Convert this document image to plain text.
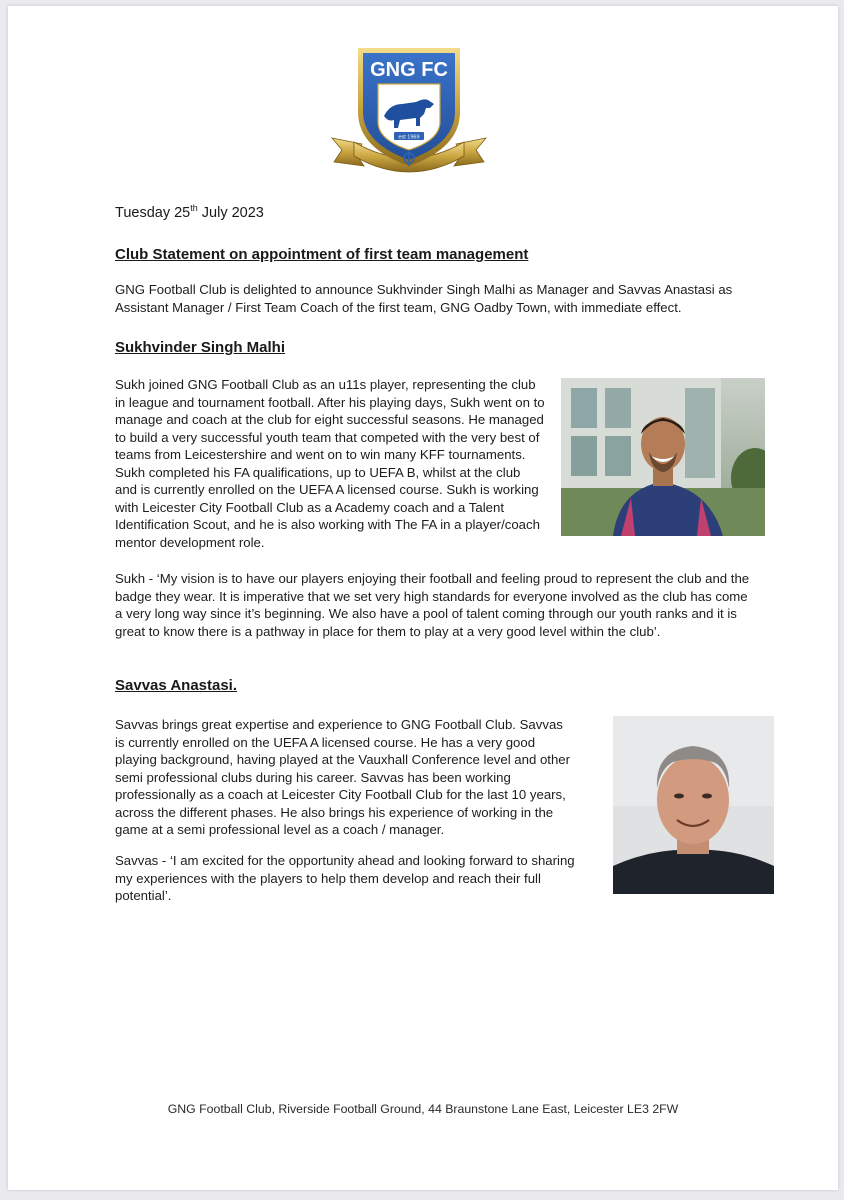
est 1969
GNG FC
Tuesday 25th July 2023
Club Statement on appointment of first team management
GNG Football Club is delighted to announce Sukhvinder Singh Malhi as Manager and Savvas Anastasi as Assistant Manager / First Team Coach of the first team, GNG Oadby Town, with immediate effect.
Sukhvinder Singh Malhi
Sukh joined GNG Football Club as an u11s player, representing the club in league and tournament football. After his playing days, Sukh went on to manage and coach at the club for eight successful seasons. He managed to build a very successful youth team that competed with the very best of teams from Leicestershire and went on to win many KFF tournaments. Sukh completed his FA qualifications, up to UEFA B, whilst at the club and is currently enrolled on the UEFA A licensed course. Sukh is working with Leicester City Football Club as a Academy coach and a Talent Identification Scout, and he is also working with The FA in a player/coach mentor development role.
Sukh - ‘My vision is to have our players enjoying their football and feeling proud to represent the club and the badge they wear. It is imperative that we set very high standards for everyone involved as the club has come a very long way since it’s beginning. We also have a pool of talent coming through our youth ranks and it is great to know there is a pathway in place for them to play at a very good level within the club’.
Savvas Anastasi.
Savvas brings great expertise and experience to GNG Football Club. Savvas is currently enrolled on the UEFA A licensed course. He has a very good playing background, having played at the Vauxhall Conference level and other semi professional clubs during his career. Savvas has been working professionally as a coach at Leicester City Football Club for the last 10 years, across the different phases. He also brings his experience of working in the game at a semi professional level as a coach / manager.
Savvas - ‘I am excited for the opportunity ahead and looking forward to sharing my experiences with the players to help them develop and reach their full potential’.
GNG Football Club, Riverside Football Ground, 44 Braunstone Lane East, Leicester LE3 2FW
